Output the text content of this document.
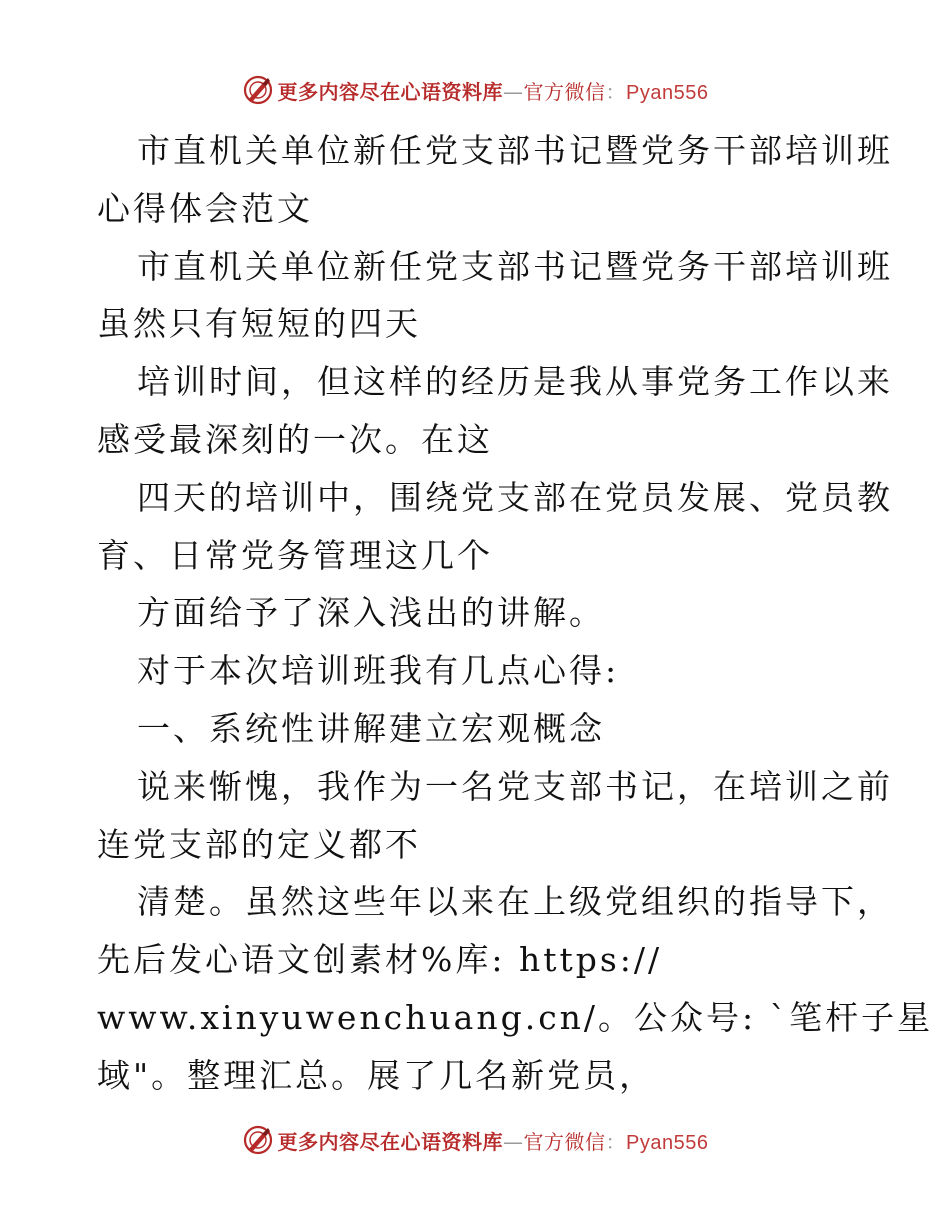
更多内容尽在心语资料库—官方微信：Pyan556
市直机关单位新任党支部书记暨党务干部培训班
心得体会范文
市直机关单位新任党支部书记暨党务干部培训班
虽然只有短短的四天
培训时间，但这样的经历是我从事党务工作以来
感受最深刻的一次。在这
四天的培训中，围绕党支部在党员发展、党员教
育、日常党务管理这几个
方面给予了深入浅出的讲解。
对于本次培训班我有几点心得:
一、系统性讲解建立宏观概念
说来惭愧，我作为一名党支部书记，在培训之前
连党支部的定义都不
清楚。虽然这些年以来在上级党组织的指导下，
先后发心语文创素材%库: https://
www.xinyuwenchuang.cn/。公众号: `笔杆子星
域"。整理汇总。展了几名新党员，
更多内容尽在心语资料库—官方微信：Pyan556
